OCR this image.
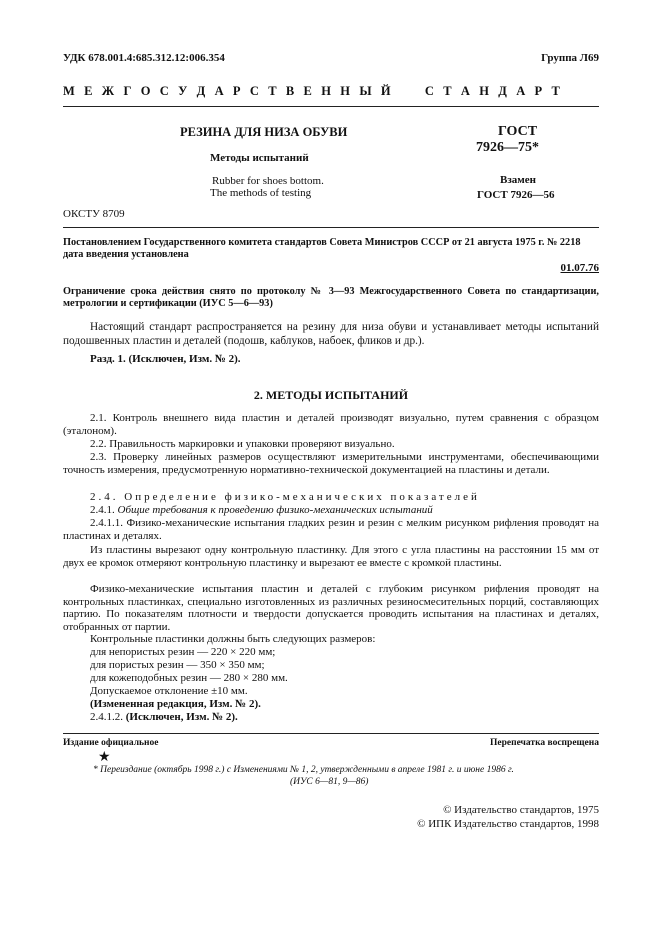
УДК 678.001.4:685.312.12:006.354	Группа Л69
М Е Ж Г О С У Д А Р С Т В Е Н Н Ы Й     С Т А Н Д А Р Т
РЕЗИНА ДЛЯ НИЗА ОБУВИ
Методы испытаний
Rubber for shoes bottom.
The methods of testing
ГОСТ
7926—75*
Взамен
ГОСТ 7926—56
ОКСТУ 8709
Постановлением Государственного комитета стандартов Совета Министров СССР от 21 августа 1975 г. № 2218 дата введения установлена
01.07.76
Ограничение срока действия снято по протоколу № 3—93 Межгосударственного Совета по стандартизации, метрологии и сертификации (ИУС 5—6—93)
Настоящий стандарт распространяется на резину для низа обуви и устанавливает методы испытаний подошвенных пластин и деталей (подошв, каблуков, набоек, фликов и др.).
Разд. 1. (Исключен, Изм. № 2).
2. МЕТОДЫ ИСПЫТАНИЙ
2.1. Контроль внешнего вида пластин и деталей производят визуально, путем сравнения с образцом (эталоном).
2.2. Правильность маркировки и упаковки проверяют визуально.
2.3. Проверку линейных размеров осуществляют измерительными инструментами, обеспечивающими точность измерения, предусмотренную нормативно-технической документацией на пластины и детали.
2.4. Определение физико-механических показателей
2.4.1. Общие требования к проведению физико-механических испытаний
2.4.1.1. Физико-механические испытания гладких резин и резин с мелким рисунком рифления проводят на пластинах и деталях.
Из пластины вырезают одну контрольную пластинку. Для этого с угла пластины на расстоянии 15 мм от двух ее кромок отмеряют контрольную пластинку и вырезают ее вместе с кромкой пластины.
Физико-механические испытания пластин и деталей с глубоким рисунком рифления проводят на контрольных пластинках, специально изготовленных из различных резиносмесительных порций, составляющих партию. По показателям плотности и твердости допускается проводить испытания на пластинах и деталях, отобранных от партии.
Контрольные пластинки должны быть следующих размеров:
для непористых резин — 220 × 220 мм;
для пористых резин — 350 × 350 мм;
для кожеподобных резин — 280 × 280 мм.
Допускаемое отклонение ±10 мм.
(Измененная редакция, Изм. № 2).
2.4.1.2. (Исключен, Изм. № 2).
Издание официальное	Перепечатка воспрещена
★
* Переиздание (октябрь 1998 г.) с Изменениями № 1, 2, утвержденными в апреле 1981 г. и июне 1986 г.
(ИУС 6—81, 9—86)
© Издательство стандартов, 1975
© ИПК Издательство стандартов, 1998
